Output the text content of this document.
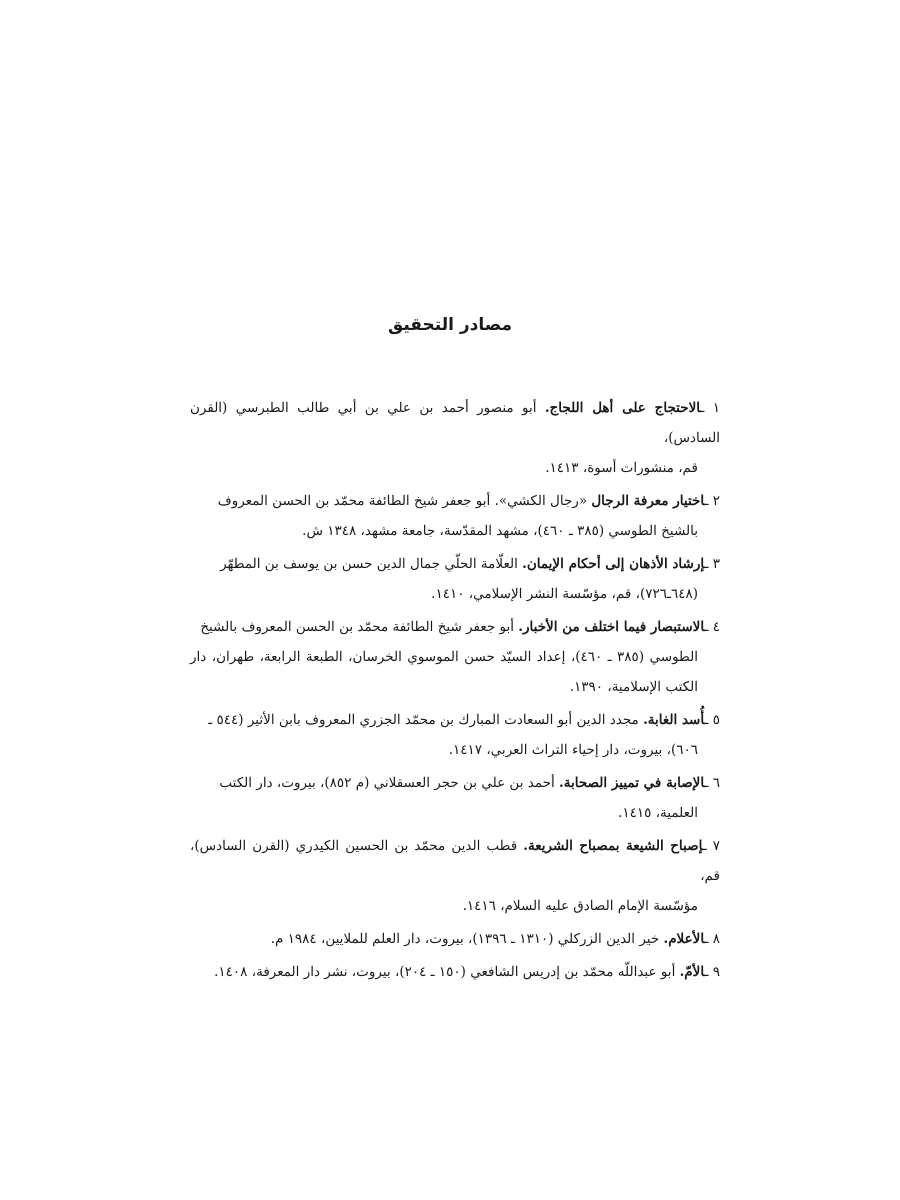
مصادر التحقيق
١ ـالاحتجاج على أهل اللجاج. أبو منصور أحمد بن علي بن أبي طالب الطبرسي (القرن السادس)،
قم، منشورات أسوة، ١٤١٣.
٢ ـاختيار معرفة الرجال «رجال الكشي». أبو جعفر شيخ الطائفة محمّد بن الحسن المعروف
بالشيخ الطوسي (٣٨٥ ـ ٤٦٠)، مشهد المقدّسة، جامعة مشهد، ١٣٤٨ ش.
٣ ـإرشاد الأذهان إلى أحكام الإيمان. العلّامة الحلّي جمال الدين حسن بن يوسف بن المطهّر
(٦٤٨ـ٧٢٦)، قم، مؤسّسة النشر الإسلامي، ١٤١٠.
٤ ـالاستبصار فيما اختلف من الأخبار. أبو جعفر شيخ الطائفة محمّد بن الحسن المعروف بالشيخ
الطوسي (٣٨٥ ـ ٤٦٠)، إعداد السيّد حسن الموسوي الخرسان، الطبعة الرابعة، طهران، دار الكتب الإسلامية، ١٣٩٠.
٥ ـأُسد الغابة. مجدد الدين أبو السعادت المبارك بن محمّد الجزري المعروف بابن الأثير (٥٤٤ ـ
٦٠٦)، بيروت، دار إحياء التراث العربي، ١٤١٧.
٦ ـالإصابة في تمييز الصحابة. أحمد بن علي بن حجر العسقلاني (م ٨٥٢)، بيروت، دار الكتب
العلمية، ١٤١٥.
٧ ـإصباح الشيعة بمصباح الشريعة. قطب الدين محمّد بن الحسين الكيدري (القرن السادس)، قم،
مؤسّسة الإمام الصادق عليه السلام، ١٤١٦.
٨ ـالأعلام. خير الدين الزركلي (١٣١٠ ـ ١٣٩٦)، بيروت، دار العلم للملايين، ١٩٨٤ م.
٩ ـالأمّ. أبو عبداللّه محمّد بن إدريس الشافعي (١٥٠ ـ ٢٠٤)، بيروت، نشر دار المعرفة، ١٤٠٨.
